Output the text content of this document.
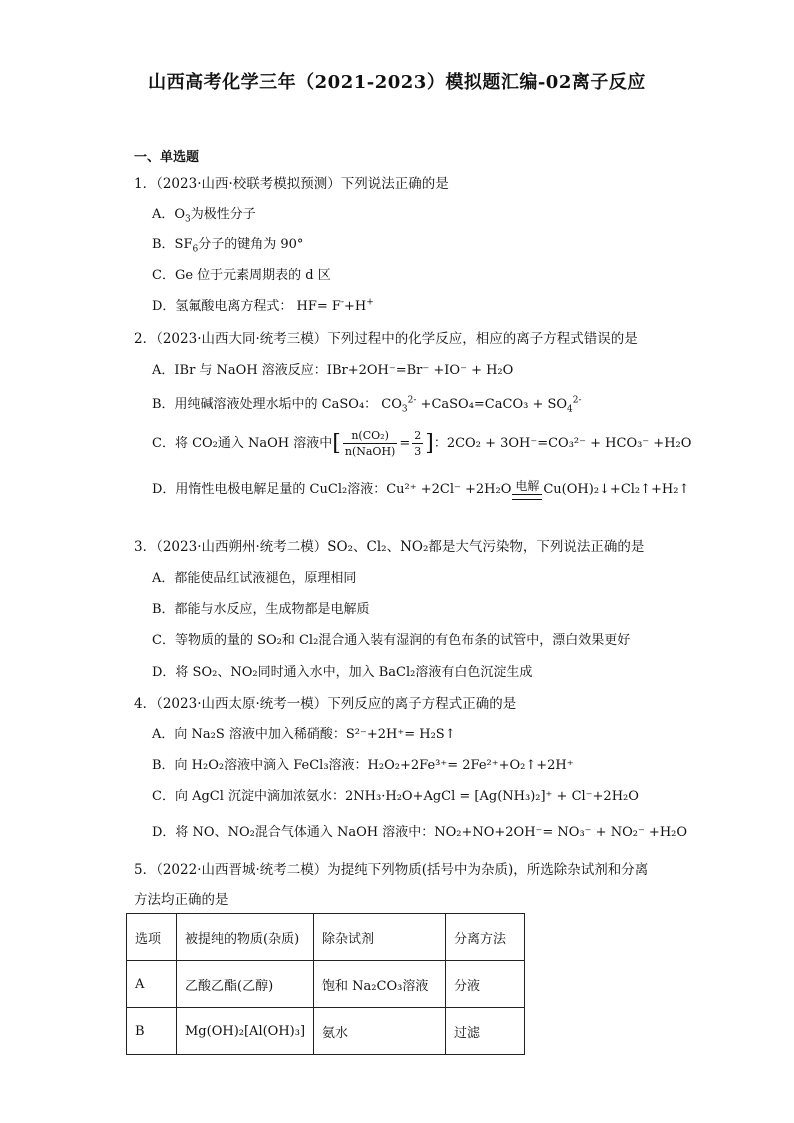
山西高考化学三年（2021-2023）模拟题汇编-02离子反应
一、单选题
1．（2023·山西·校联考模拟预测）下列说法正确的是
A．$O_3$为极性分子
B．$SF_6$分子的键角为 90°
C．Ge 位于元素周期表的 d 区
D．氢氟酸电离方程式： HF= F-+H+
2．（2023·山西大同·统考三模）下列过程中的化学反应，相应的离子方程式错误的是
A．IBr 与 NaOH 溶液反应：IBr+2OH⁻=Br⁻ +IO⁻ + H₂O
B．用纯碱溶液处理水垢中的 CaSO₄： $CO_3^{2-}$ +CaSO₄=CaCO₃ + $SO_4^{2-}$
C．将 CO₂通入 NaOH 溶液中[ $\frac{\text{n(CO₂)}}{\text{n(NaOH)}} = \frac{2}{3}$ ]：2CO₂ + 3OH⁻=CO₃²⁻ + HCO₃⁻ +H₂O
D．用惰性电极电解足量的 CuCl₂溶液：Cu²⁺ +2Cl⁻ +2H₂O 电解 Cu(OH)₂↓+Cl₂↑+H₂↑
3．（2023·山西朔州·统考二模）SO₂、Cl₂、NO₂都是大气污染物，下列说法正确的是
A．都能使品红试液褪色，原理相同
B．都能与水反应，生成物都是电解质
C．等物质的量的 SO₂和 Cl₂混合通入装有湿润的有色布条的试管中，漂白效果更好
D．将 SO₂、NO₂同时通入水中，加入 BaCl₂溶液有白色沉淀生成
4．（2023·山西太原·统考一模）下列反应的离子方程式正确的是
A．向 Na₂S 溶液中加入稀硝酸：S²⁻+2H⁺= H₂S↑
B．向 H₂O₂溶液中滴入 FeCl₃溶液：H₂O₂+2Fe³⁺= 2Fe²⁺+O₂↑+2H⁺
C．向 AgCl 沉淀中滴加浓氨水：2NH₃·H₂O+AgCl = [Ag(NH₃)₂]⁺ + Cl⁻+2H₂O
D．将 NO、NO₂混合气体通入 NaOH 溶液中：NO₂+NO+2OH⁻= NO₃⁻ + NO₂⁻ +H₂O
5．（2022·山西晋城·统考二模）为提纯下列物质(括号中为杂质)，所选除杂试剂和分离
方法均正确的是
选项	被提纯的物质(杂质)	除杂试剂	分离方法
A	乙酸乙酯(乙醇)	饱和 Na₂CO₃溶液	分液
B	Mg(OH)₂[Al(OH)₃]	氨水	过滤
